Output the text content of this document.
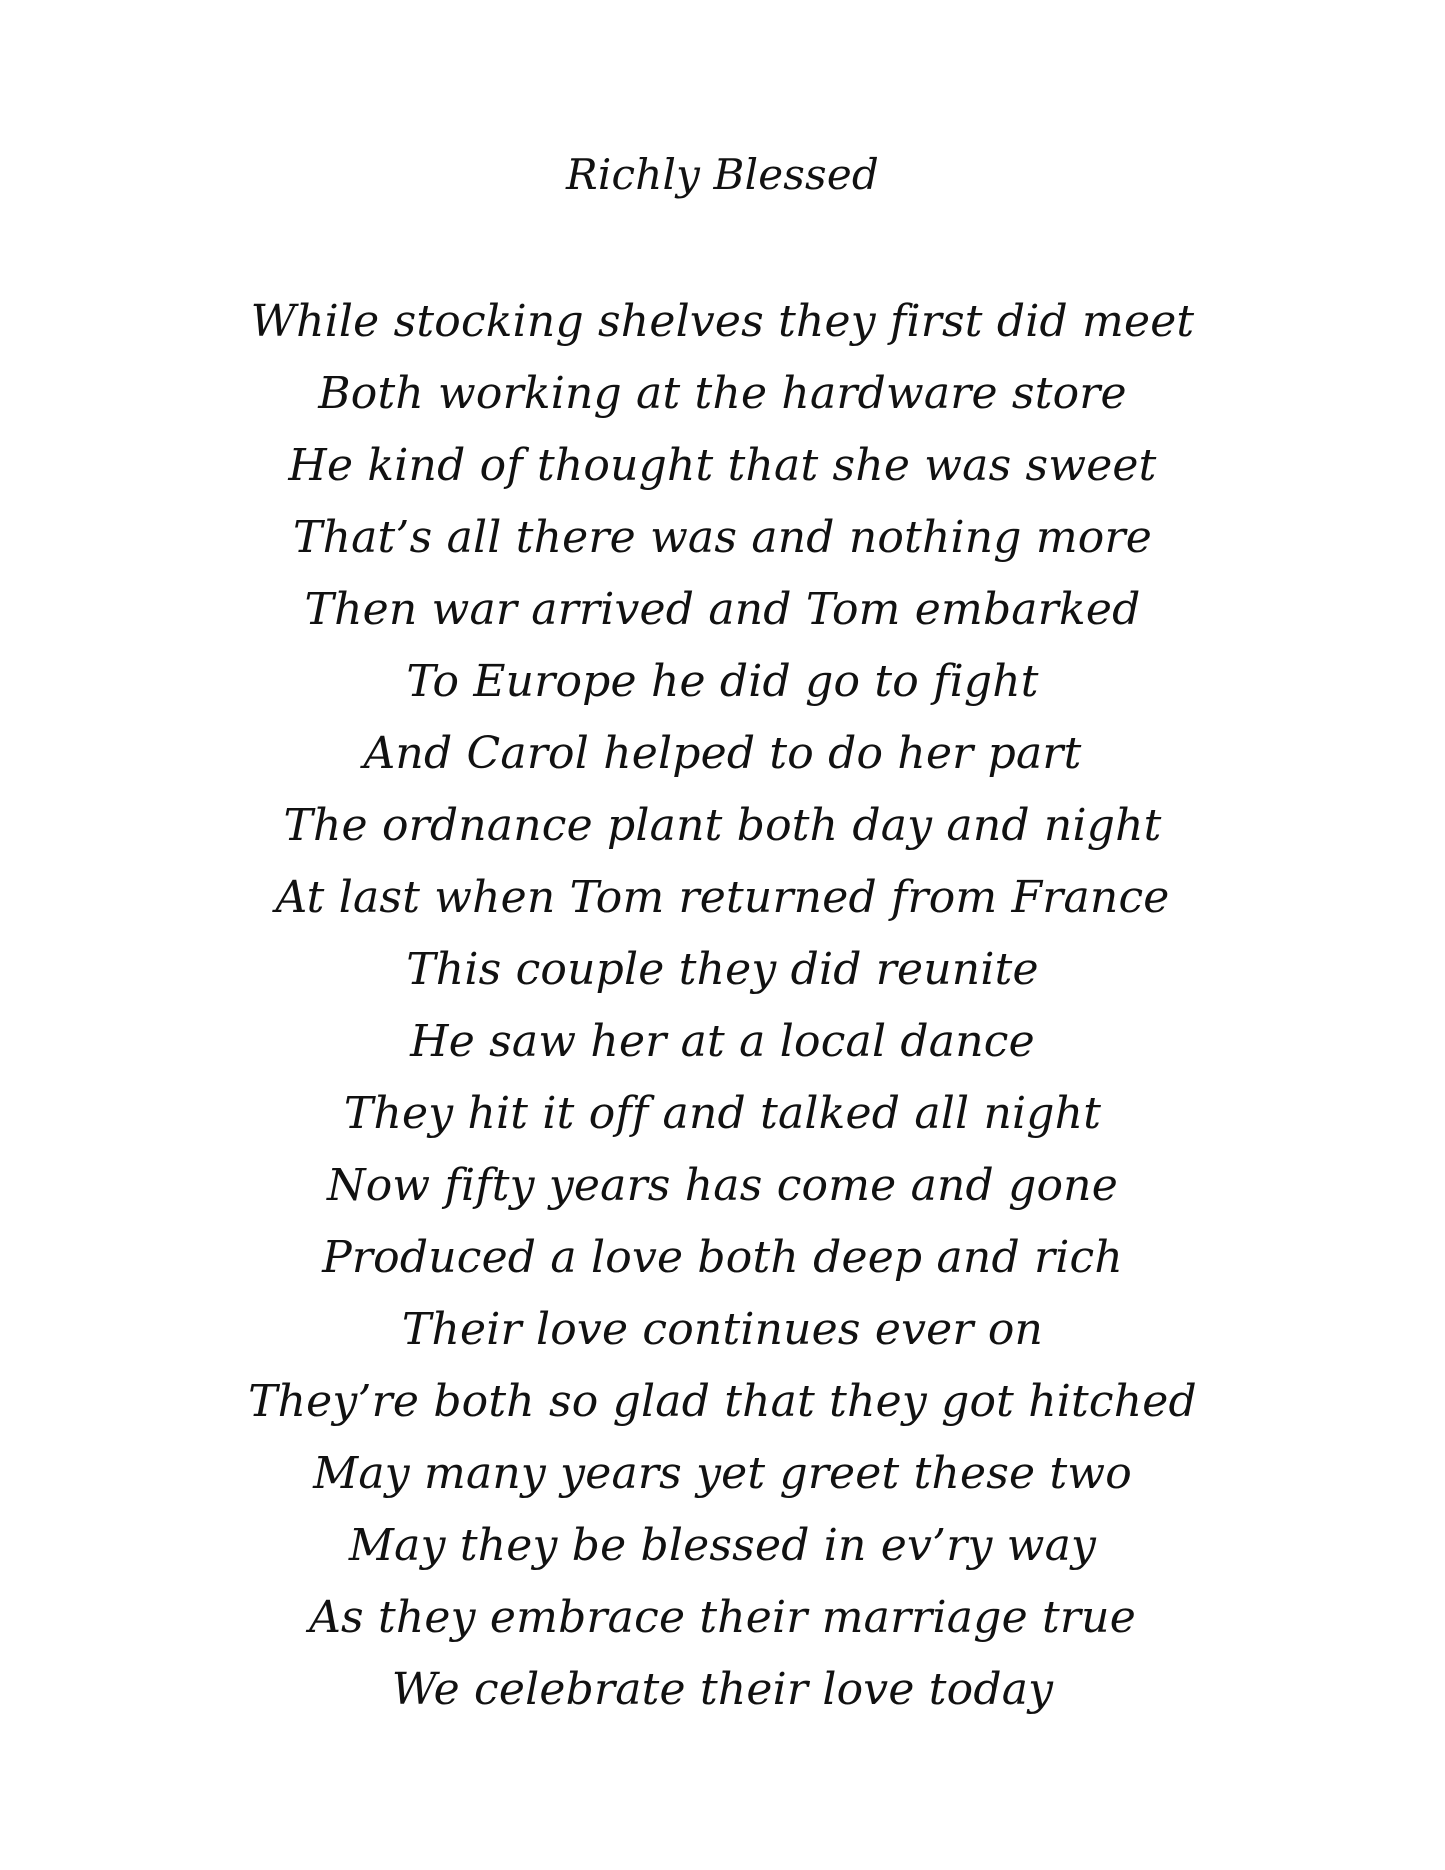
Richly Blessed
While stocking shelves they first did meet
Both working at the hardware store
He kind of thought that she was sweet
That’s all there was and nothing more
Then war arrived and Tom embarked
To Europe he did go to fight
And Carol helped to do her part
The ordnance plant both day and night
At last when Tom returned from France
This couple they did reunite
He saw her at a local dance
They hit it off and talked all night
Now fifty years has come and gone
Produced a love both deep and rich
Their love continues ever on
They’re both so glad that they got hitched
May many years yet greet these two
May they be blessed in ev’ry way
As they embrace their marriage true
We celebrate their love today
